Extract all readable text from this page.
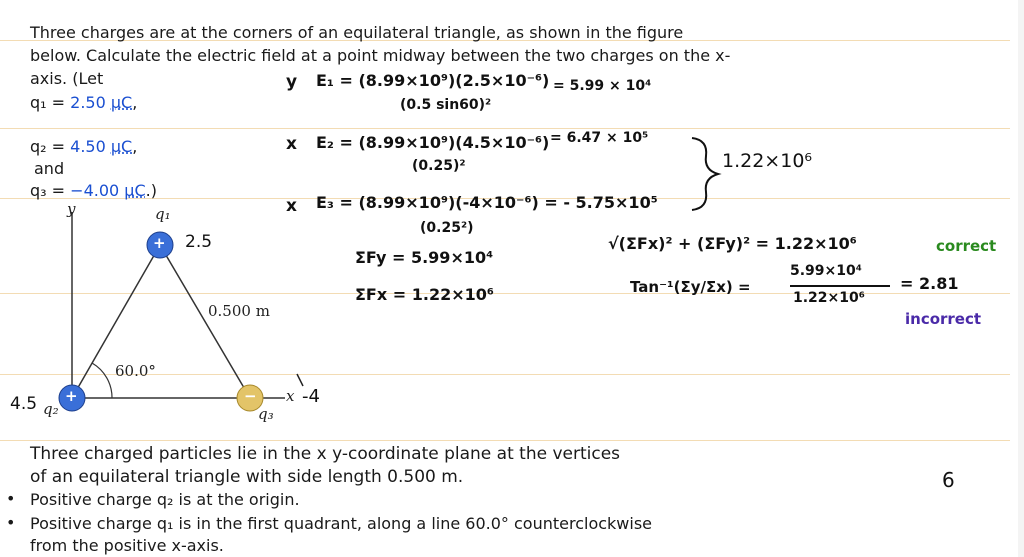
Three charges are at the corners of an equilateral triangle, as shown in the figure
below. Calculate the electric field at a point midway between the two charges on the x-
axis. (Let
q₁ = 2.50 µC,
q₂ = 4.50 µC,
and
q₃ = −4.00 µC.)
+
+	−
y	q₁
0.500 m
60.0°
x
q₂	q₃
2.5
4.5	-4
y E₁ = (8.99×10⁹)(2.5×10⁻⁶)
(0.5 sin60)²
= 5.99 × 10⁴
x E₂ = (8.99×10⁹)(4.5×10⁻⁶)
(0.25)²
= 6.47 × 10⁵
x E₃ = (8.99×10⁹)(-4×10⁻⁶) = - 5.75×10⁵
(0.25²)
1.22×10⁶
ΣFy = 5.99×10⁴
ΣFx = 1.22×10⁶
√(ΣFx)² + (ΣFy)² = 1.22×10⁶	correct
Tan⁻¹(Σy/Σx) =
5.99×10⁴
1.22×10⁶
= 2.81
incorrect
6
Three charged particles lie in the x y-coordinate plane at the vertices
of an equilateral triangle with side length 0.500 m.
• Positive charge q₂ is at the origin.
• Positive charge q₁ is in the first quadrant, along a line 60.0° counterclockwise
from the positive x-axis.
